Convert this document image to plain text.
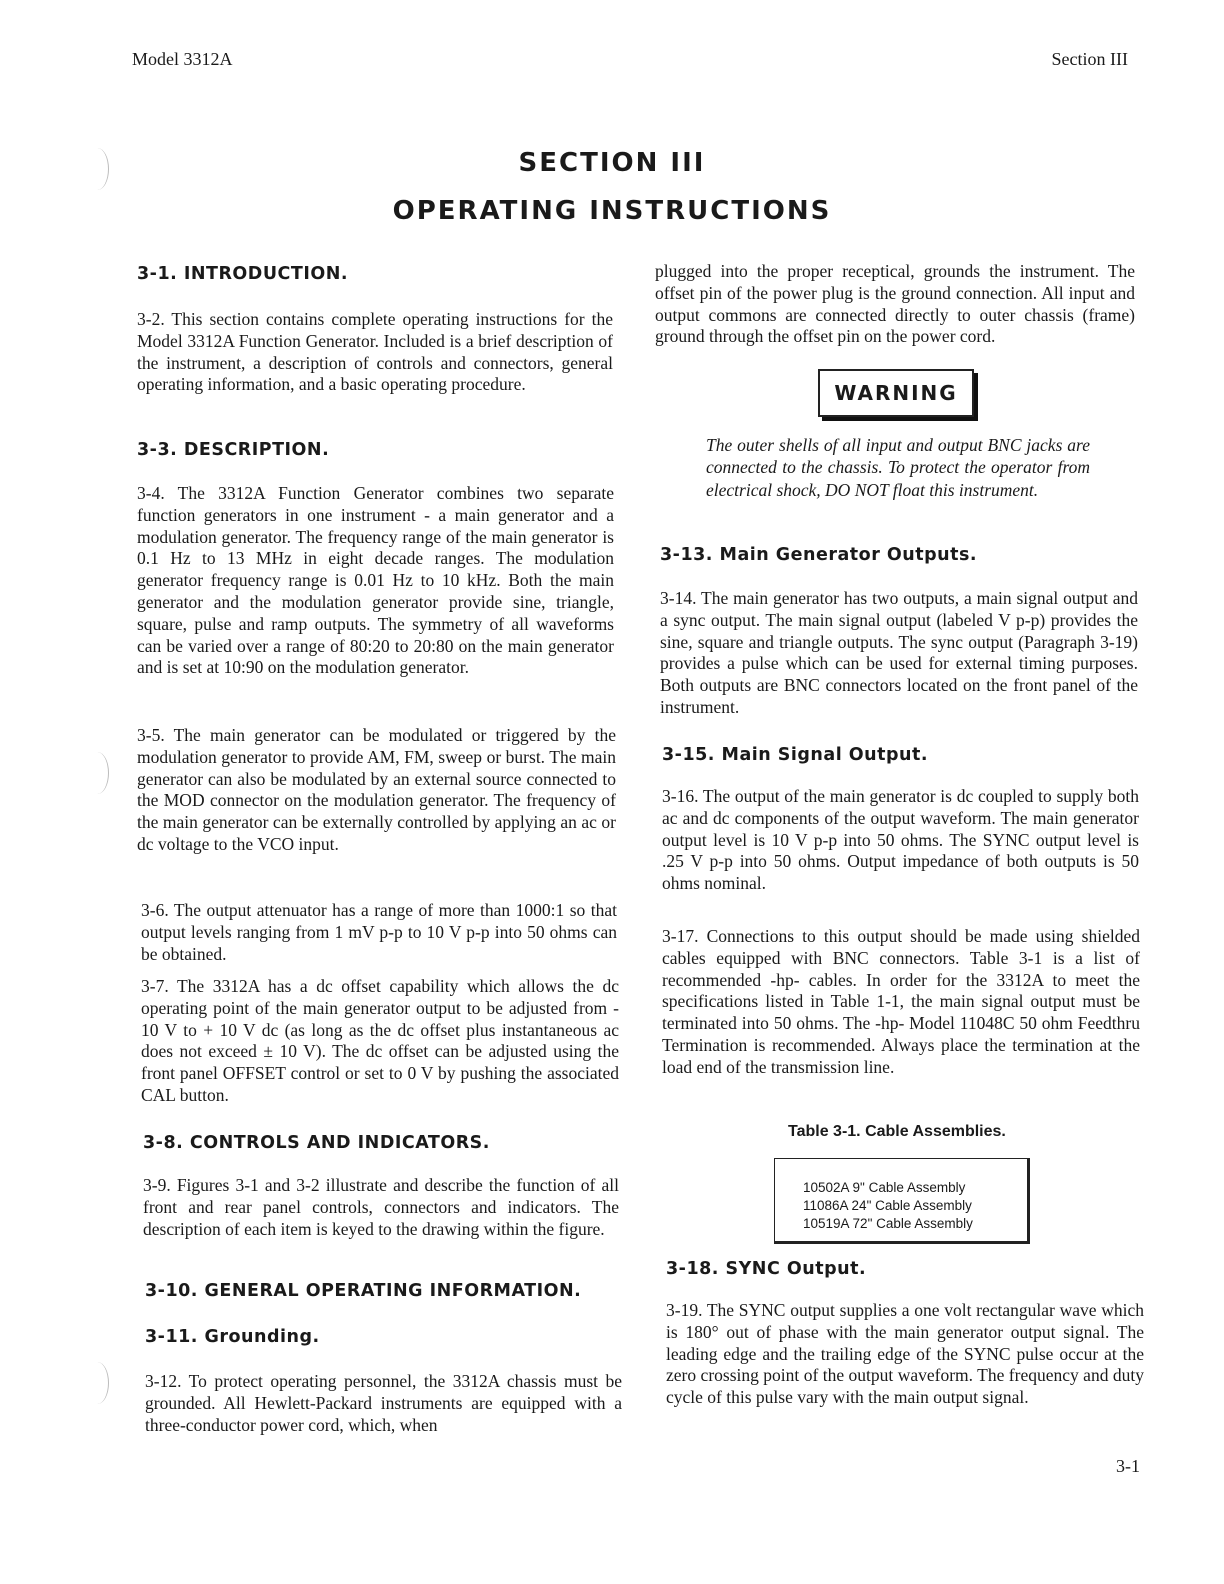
Model 3312A	Section III
SECTION III
OPERATING INSTRUCTIONS
3-1. INTRODUCTION.

3-2. This section contains complete operating instructions for the Model 3312A Function Generator. Included is a brief description of the instrument, a description of controls and connectors, general operating information, and a basic operating procedure.

3-3. DESCRIPTION.

3-4. The 3312A Function Generator combines two separate function generators in one instrument - a main generator and a modulation generator. The frequency range of the main generator is 0.1 Hz to 13 MHz in eight decade ranges. The modulation generator frequency range is 0.01 Hz to 10 kHz. Both the main generator and the modulation generator provide sine, triangle, square, pulse and ramp outputs. The symmetry of all waveforms can be varied over a range of 80:20 to 20:80 on the main generator and is set at 10:90 on the modulation generator.

3-5. The main generator can be modulated or triggered by the modulation generator to provide AM, FM, sweep or burst. The main generator can also be modulated by an external source connected to the MOD connector on the modulation generator. The frequency of the main generator can be externally controlled by applying an ac or dc voltage to the VCO input.

3-6. The output attenuator has a range of more than 1000:1 so that output levels ranging from 1 mV p-p to 10 V p-p into 50 ohms can be obtained.

3-7. The 3312A has a dc offset capability which allows the dc operating point of the main generator output to be adjusted from - 10 V to + 10 V dc (as long as the dc offset plus instantaneous ac does not exceed ± 10 V). The dc offset can be adjusted using the front panel OFFSET control or set to 0 V by pushing the associated CAL button.

3-8. CONTROLS AND INDICATORS.

3-9. Figures 3-1 and 3-2 illustrate and describe the function of all front and rear panel controls, connectors and indicators. The description of each item is keyed to the drawing within the figure.

3-10. GENERAL OPERATING INFORMATION.
3-11. Grounding.

3-12. To protect operating personnel, the 3312A chassis must be grounded. All Hewlett-Packard instruments are equipped with a three-conductor power cord, which, when

plugged into the proper receptical, grounds the instrument. The offset pin of the power plug is the ground connection. All input and output commons are connected directly to outer chassis (frame) ground through the offset pin on the power cord.

WARNING

The outer shells of all input and output BNC jacks are connected to the chassis. To protect the operator from electrical shock, DO NOT float this instrument.

3-13. Main Generator Outputs.

3-14. The main generator has two outputs, a main signal output and a sync output. The main signal output (labeled V p-p) provides the sine, square and triangle outputs. The sync output (Paragraph 3-19) provides a pulse which can be used for external timing purposes. Both outputs are BNC connectors located on the front panel of the instrument.

3-15. Main Signal Output.

3-16. The output of the main generator is dc coupled to supply both ac and dc components of the output waveform. The main generator output level is 10 V p-p into 50 ohms. The SYNC output level is .25 V p-p into 50 ohms. Output impedance of both outputs is 50 ohms nominal.

3-17. Connections to this output should be made using shielded cables equipped with BNC connectors. Table 3-1 is a list of recommended -hp- cables. In order for the 3312A to meet the specifications listed in Table 1-1, the main signal output must be terminated into 50 ohms. The -hp- Model 11048C 50 ohm Feedthru Termination is recommended. Always place the termination at the load end of the transmission line.

Table 3-1. Cable Assemblies.

10502A 9" Cable Assembly
11086A 24" Cable Assembly
10519A 72" Cable Assembly
3-18. SYNC Output.

3-19. The SYNC output supplies a one volt rectangular wave which is 180° out of phase with the main generator output signal. The leading edge and the trailing edge of the SYNC pulse occur at the zero crossing point of the output waveform. The frequency and duty cycle of this pulse vary with the main output signal.

3-1
